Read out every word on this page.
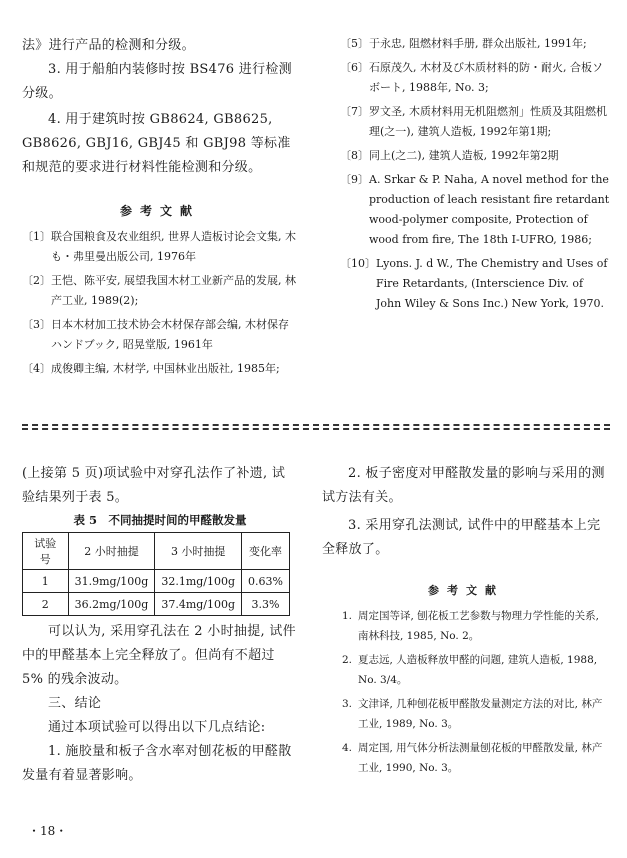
法》进行产品的检测和分级。

3. 用于船舶内装修时按 BS476 进行检测分级。

4. 用于建筑时按 GB8624, GB8625, GB8626, GBJ16, GBJ45 和 GBJ98 等标准和规范的要求进行材料性能检测和分级。

参考文献
〔1〕 联合国粮食及农业组织, 世界人造板讨论会文集, 木も・弗里曼出版公司, 1976年
〔2〕 王恺、陈平安, 展望我国木材工业新产品的发展, 林产工业, 1989(2);
〔3〕 日本木材加工技术协会木材保存部会编, 木材保存ハンドブック, 昭晃堂版, 1961年
〔4〕 成俊卿主编, 木材学, 中国林业出版社, 1985年;
〔5〕 于永忠, 阻燃材料手册, 群众出版社, 1991年;
〔6〕 石原茂久, 木材及び木质材料的防・耐火, 合板ソボート, 1988年, No. 3;
〔7〕 罗文圣, 木质材料用无机阻燃剂」性质及其阻燃机理(之一), 建筑人造板, 1992年第1期;
〔8〕 同上(之二), 建筑人造板, 1992年第2期
〔9〕 A. Srkar & P. Naha, A novel method for the production of leach resistant fire retardant wood-polymer composite, Protection of wood from fire, The 18th I-UFRO, 1986;
〔10〕 Lyons. J. d W., The Chemistry and Uses of Fire Retardants, (Interscience Div. of John Wiley & Sons Inc.) New York, 1970.

(上接第 5 页)项试验中对穿孔法作了补遗, 试验结果列于表 5。

表 5　不同抽提时间的甲醛散发量
试验号	2 小时抽提	3 小时抽提	变化率
1	31.9mg/100g	32.1mg/100g	0.63%
2	36.2mg/100g	37.4mg/100g	3.3%

可以认为, 采用穿孔法在 2 小时抽提, 试件中的甲醛基本上完全释放了。但尚有不超过 5% 的残余波动。

三、结论

通过本项试验可以得出以下几点结论:

1. 施胶量和板子含水率对刨花板的甲醛散发量有着显著影响。

2. 板子密度对甲醛散发量的影响与采用的测试方法有关。

3. 采用穿孔法测试, 试件中的甲醛基本上完全释放了。

参考文献
1. 周定国等译, 刨花板工艺参数与物理力学性能的关系, 南林科技, 1985, No. 2。
2. 夏志远, 人造板释放甲醛的问题, 建筑人造板, 1988, No. 3/4。
3. 文津译, 几种刨花板甲醛散发量测定方法的对比, 林产工业, 1989, No. 3。
4. 周定国, 用气体分析法测量刨花板的甲醛散发量, 林产工业, 1990, No. 3。
・18・
